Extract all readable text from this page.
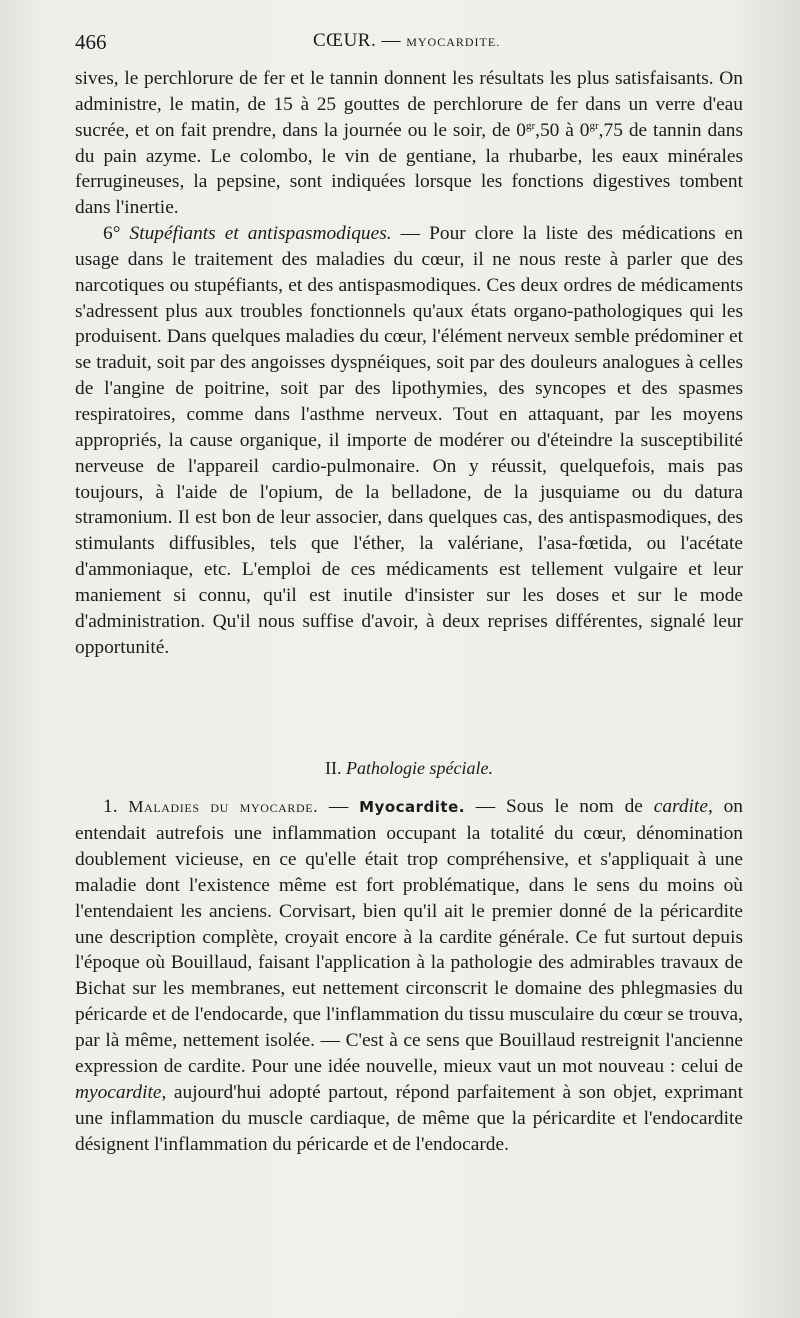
466	CŒUR. — MYOCARDITE.

sives, le perchlorure de fer et le tannin donnent les résultats les plus satisfaisants. On administre, le matin, de 15 à 25 gouttes de perchlorure de fer dans un verre d'eau sucrée, et on fait prendre, dans la journée ou le soir, de $0^{gr},50$ à $0^{gr},75$ de tannin dans du pain azyme. Le colombo, le vin de gentiane, la rhubarbe, les eaux minérales ferrugineuses, la pepsine, sont indiquées lorsque les fonctions digestives tombent dans l'inertie.

6° Stupéfiants et antispasmodiques. — Pour clore la liste des médications en usage dans le traitement des maladies du cœur, il ne nous reste à parler que des narcotiques ou stupéfiants, et des antispasmodiques. Ces deux ordres de médicaments s'adressent plus aux troubles fonctionnels qu'aux états organo-pathologiques qui les produisent. Dans quelques maladies du cœur, l'élément nerveux semble prédominer et se traduit, soit par des angoisses dyspnéiques, soit par des douleurs analogues à celles de l'angine de poitrine, soit par des lipothymies, des syncopes et des spasmes respiratoires, comme dans l'asthme nerveux. Tout en attaquant, par les moyens appropriés, la cause organique, il importe de modérer ou d'éteindre la susceptibilité nerveuse de l'appareil cardio-pulmonaire. On y réussit, quelquefois, mais pas toujours, à l'aide de l'opium, de la belladone, de la jusquiame ou du datura stramonium. Il est bon de leur associer, dans quelques cas, des antispasmodiques, des stimulants diffusibles, tels que l'éther, la valériane, l'asa-fœtida, ou l'acétate d'ammoniaque, etc. L'emploi de ces médicaments est tellement vulgaire et leur maniement si connu, qu'il est inutile d'insister sur les doses et sur le mode d'administration. Qu'il nous suffise d'avoir, à deux reprises différentes, signalé leur opportunité.

II. Pathologie spéciale.

1. Maladies du myocarde. — Myocardite. — Sous le nom de cardite, on entendait autrefois une inflammation occupant la totalité du cœur, dénomination doublement vicieuse, en ce qu'elle était trop compréhensive, et s'appliquait à une maladie dont l'existence même est fort problématique, dans le sens du moins où l'entendaient les anciens. Corvisart, bien qu'il ait le premier donné de la péricardite une description complète, croyait encore à la cardite générale. Ce fut surtout depuis l'époque où Bouillaud, faisant l'application à la pathologie des admirables travaux de Bichat sur les membranes, eut nettement circonscrit le domaine des phlegmasies du péricarde et de l'endocarde, que l'inflammation du tissu musculaire du cœur se trouva, par là même, nettement isolée. — C'est à ce sens que Bouillaud restreignit l'ancienne expression de cardite. Pour une idée nouvelle, mieux vaut un mot nouveau : celui de myocardite, aujourd'hui adopté partout, répond parfaitement à son objet, exprimant une inflammation du muscle cardiaque, de même que la péricardite et l'endocardite désignent l'inflammation du péricarde et de l'endocarde.
